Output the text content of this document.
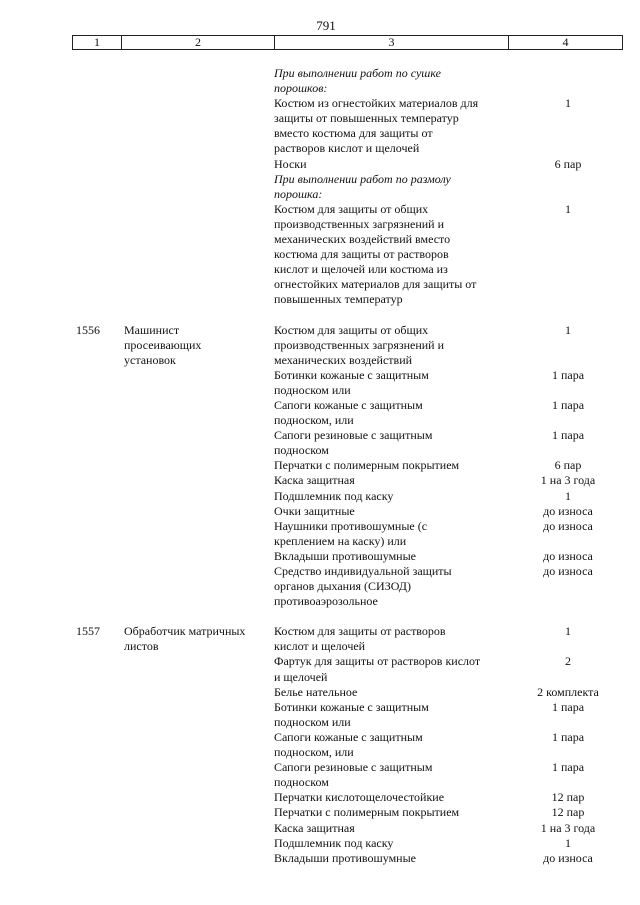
791
1	2	3	4
При выполнении работ по сушке
порошков:
Костюм из огнестойких материалов для	1
защиты от повышенных температур
вместо костюма для защиты от
растворов кислот и щелочей
Носки	6 пар
При выполнении работ по размолу
порошка:
Костюм для защиты от общих	1
производственных загрязнений и
механических воздействий вместо
костюма для защиты от растворов
кислот и щелочей или костюма из
огнестойких материалов для защиты от
повышенных температур
1556	Машинист	Костюм для защиты от общих	1
просеивающих	производственных загрязнений и
установок	механических воздействий
Ботинки кожаные с защитным	1 пара
подноском или
Сапоги кожаные с защитным	1 пара
подноском, или
Сапоги резиновые с защитным	1 пара
подноском
Перчатки с полимерным покрытием	6 пар
Каска защитная	1 на 3 года
Подшлемник под каску	1
Очки защитные	до износа
Наушники противошумные (с	до износа
креплением на каску) или
Вкладыши противошумные	до износа
Средство индивидуальной защиты	до износа
органов дыхания (СИЗОД)
противоаэрозольное
1557	Обработчик матричных	Костюм для защиты от растворов	1
листов	кислот и щелочей
Фартук для защиты от растворов кислот	2
и щелочей
Белье нательное	2 комплекта
Ботинки кожаные с защитным	1 пара
подноском или
Сапоги кожаные с защитным	1 пара
подноском, или
Сапоги резиновые с защитным	1 пара
подноском
Перчатки кислотощелочестойкие	12 пар
Перчатки с полимерным покрытием	12 пар
Каска защитная	1 на 3 года
Подшлемник под каску	1
Вкладыши противошумные	до износа
